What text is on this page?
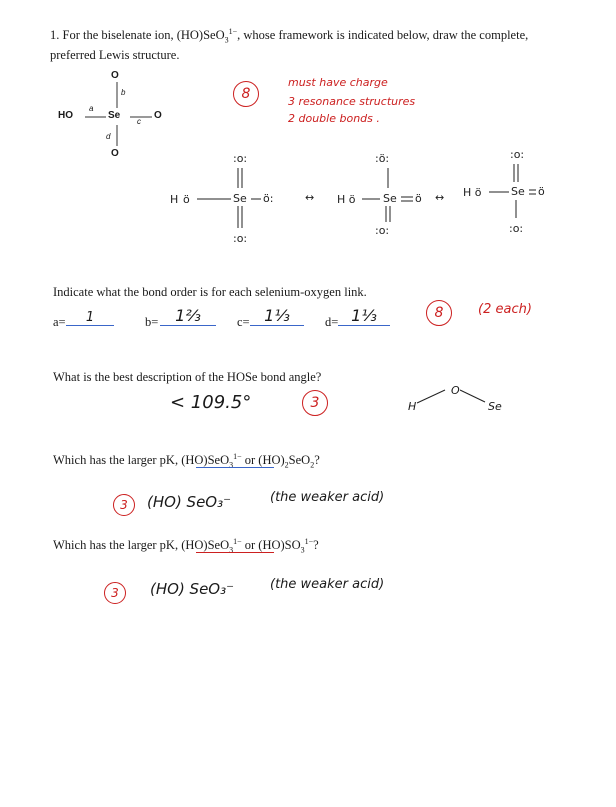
1. For the biselenate ion, (HO)SeO$_3^{1-}$, whose framework is indicated below, draw the complete, preferred Lewis structure.
HO	Se
O
O
O
a
b
c
d
8
must have charge
3 resonance structures
2 double bonds .
H ö	Se ö:
:o:
:o:
↔ H ö	Se ö
:ö:
:o:
↔ H ö	Se ö
:o:
:o:
Indicate what the bond order is for each selenium-oxygen link.
a=	1	b=	1⅔	c= 1⅓	d= 1⅓	8	(2 each)
What is the best description of the HOSe bond angle?
< 109.5°	3	H
O
Se
Which has the larger pK, (HO)SeO$_3^{1-}$ or $(HO)_2SeO_2$?
3	(HO) SeO₃⁻	(the weaker acid)
Which has the larger pK, (HO)SeO$_3^{1-}$ or $(HO)SO_3^{1-}$?
3	(HO) SeO₃⁻	(the weaker acid)
